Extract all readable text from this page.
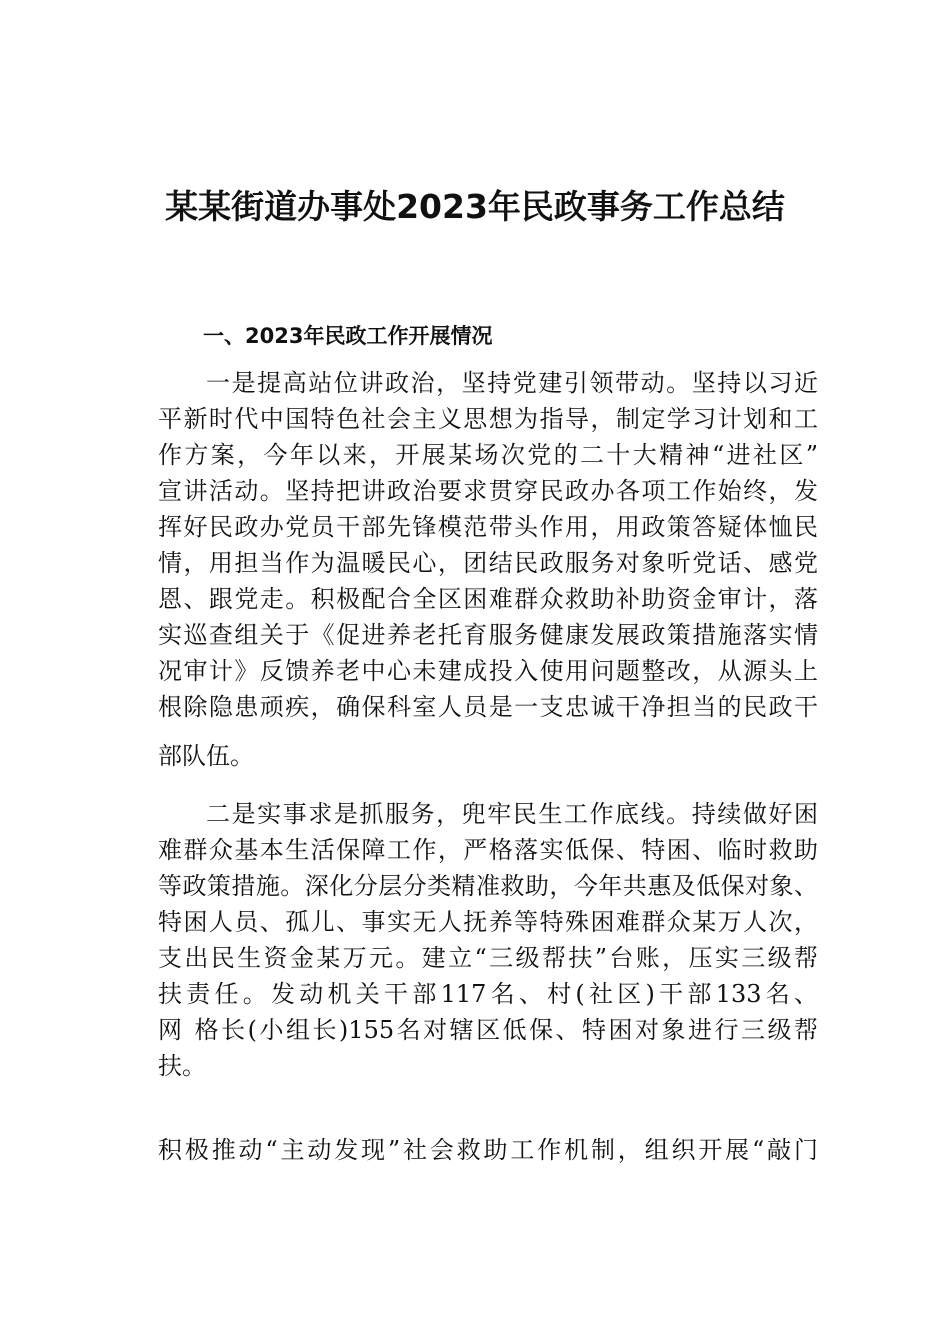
某某街道办事处2023年民政事务工作总结
一、2023年民政工作开展情况
一是提高站位讲政治，坚持党建引领带动。坚持以习近
平新时代中国特色社会主义思想为指导，制定学习计划和工
作方案，今年以来，开展某场次党的二十大精神“进社区”
宣讲活动。坚持把讲政治要求贯穿民政办各项工作始终，发
挥好民政办党员干部先锋模范带头作用，用政策答疑体恤民
情，用担当作为温暖民心，团结民政服务对象听党话、感党
恩、跟党走。积极配合全区困难群众救助补助资金审计，落
实巡查组关于《促进养老托育服务健康发展政策措施落实情
况审计》反馈养老中心未建成投入使用问题整改，从源头上
根除隐患顽疾，确保科室人员是一支忠诚干净担当的民政干
部队伍。
二是实事求是抓服务，兜牢民生工作底线。持续做好困
难群众基本生活保障工作，严格落实低保、特困、临时救助
等政策措施。深化分层分类精准救助，今年共惠及低保对象、
特困人员、孤儿、事实无人抚养等特殊困难群众某万人次，
支出民生资金某万元。建立“三级帮扶”台账，压实三级帮
扶责任。发动机关干部117名、村(社区)干部133名、
网 格长(小组长)155名对辖区低保、特困对象进行三级帮
扶。
积极推动“主动发现”社会救助工作机制，组织开展“敲门
